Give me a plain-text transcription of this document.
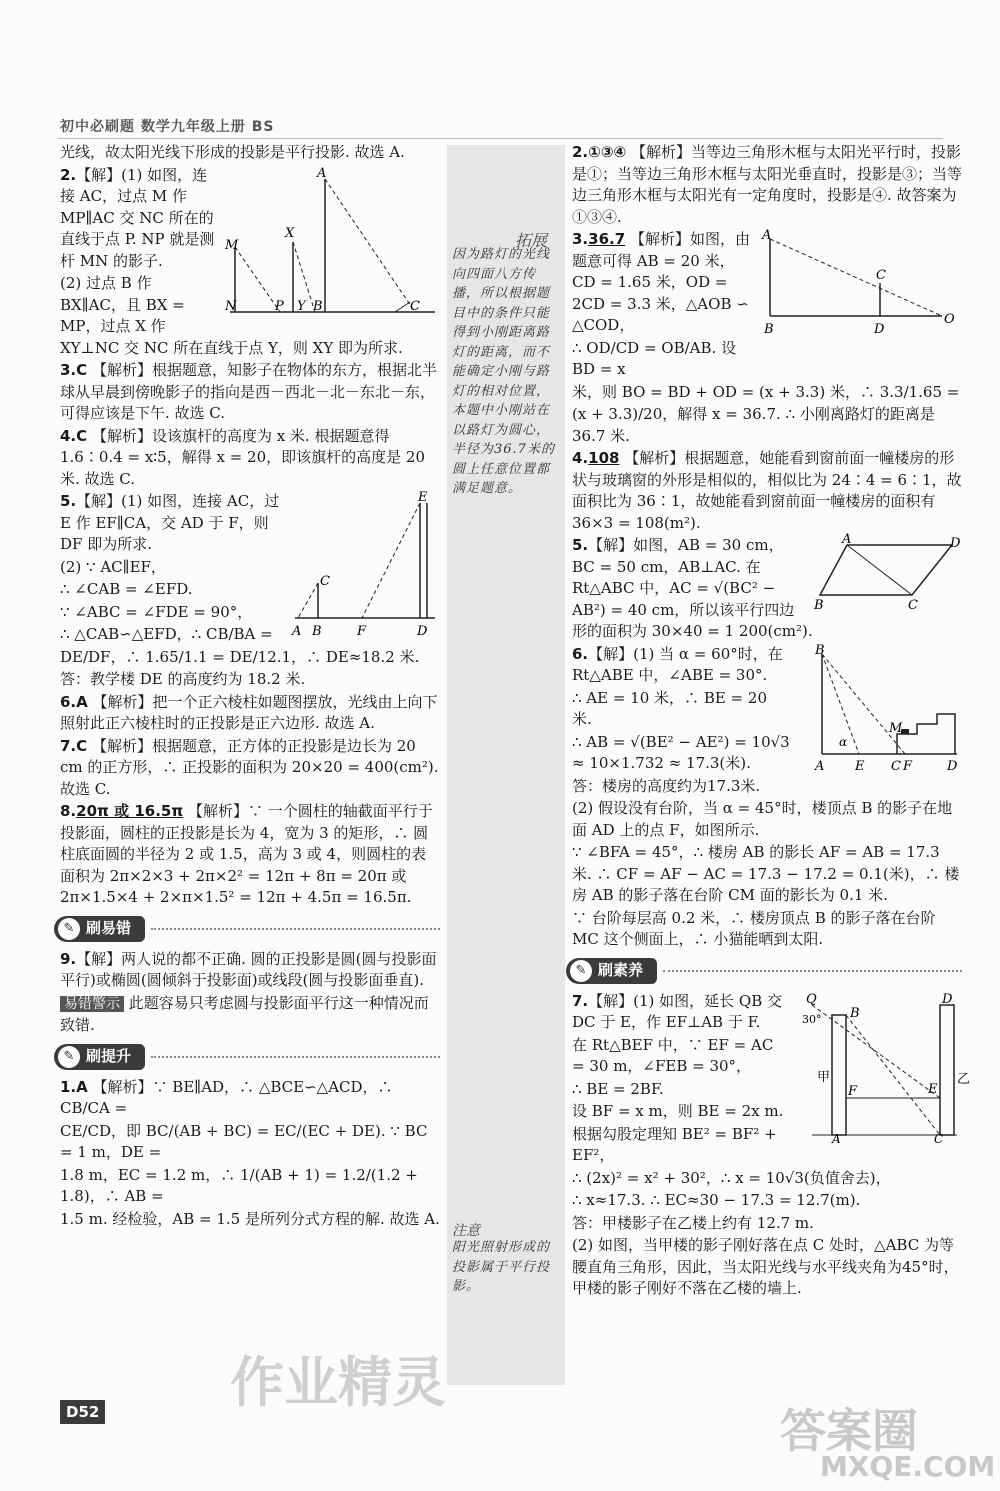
初中必刷题 数学九年级上册 BS
拓展
因为路灯的光线向四面八方传播，所以根据题目中的条件只能得到小刚距离路灯的距离，而不能确定小刚与路灯的相对位置，本题中小刚站在以路灯为圆心，半径为36.7米的圆上任意位置都满足题意。
注意
阳光照射形成的投影属于平行投影。

光线，故太阳光线下形成的投影是平行投影. 故选 A.

A
M
X
N	P Y B	C

2.【解】(1) 如图，连接 AC，过点 M 作 MP∥AC 交 NC 所在的直线于点 P. NP 就是测杆 MN 的影子.

(2) 过点 B 作 BX∥AC，且 BX = MP，过点 X 作 XY⊥NC 交 NC 所在直线于点 Y，则 XY 即为所求.

3.C 【解析】根据题意，知影子在物体的东方，根据北半球从早晨到傍晚影子的指向是西－西北－北－东北－东，可得应该是下午. 故选 C.

4.C 【解析】设该旗杆的高度为 x 米. 根据题意得 1.6∶0.4 = x∶5，解得 x = 20，即该旗杆的高度是 20 米. 故选 C.

E
C
A B	F	D

5.【解】(1) 如图，连接 AC，过 E 作 EF∥CA，交 AD 于 F，则 DF 即为所求.

(2) ∵ AC∥EF，

∴ ∠CAB = ∠EFD.

∵ ∠ABC = ∠FDE = 90°，

∴ △CAB∽△EFD，∴ CB/BA =

DE/DF，∴ 1.65/1.1 = DE/12.1，∴ DE≈18.2 米.

答：教学楼 DE 的高度约为 18.2 米.

6.A 【解析】把一个正六棱柱如题图摆放，光线由上向下照射此正六棱柱时的正投影是正六边形. 故选 A.

7.C 【解析】根据题意，正方体的正投影是边长为 20 cm 的正方形，∴ 正投影的面积为 20×20 = 400(cm²). 故选 C.

8.20π 或 16.5π 【解析】∵ 一个圆柱的轴截面平行于投影面，圆柱的正投影是长为 4，宽为 3 的矩形，∴ 圆柱底面圆的半径为 2 或 1.5，高为 3 或 4，则圆柱的表面积为 2π×2×3 + 2π×2² = 12π + 8π = 20π 或 2π×1.5×4 + 2×π×1.5² = 12π + 4.5π = 16.5π.

✎ 刷易错

9.【解】两人说的都不正确. 圆的正投影是圆(圆与投影面平行)或椭圆(圆倾斜于投影面)或线段(圆与投影面垂直).

易错警示 此题容易只考虑圆与投影面平行这一种情况而致错.

✎ 刷提升

1.A 【解析】∵ BE∥AD，∴ △BCE∽△ACD，∴ CB/CA =

CE/CD，即 BC/(AB + BC) = EC/(EC + DE). ∵ BC = 1 m，DE =

1.8 m，EC = 1.2 m，∴ 1/(AB + 1) = 1.2/(1.2 + 1.8)，∴ AB =

1.5 m. 经检验，AB = 1.5 是所列分式方程的解. 故选 A.

2.①③④ 【解析】当等边三角形木框与太阳光平行时，投影是①；当等边三角形木框与太阳光垂直时，投影是③；当等边三角形木框与太阳光有一定角度时，投影是④. 故答案为①③④.

A
C
B	D
O

3.36.7 【解析】如图，由题意可得 AB = 20 米，CD = 1.65 米，OD = 2CD = 3.3 米，△AOB ∽ △COD，

∴ OD/CD = OB/AB. 设 BD = x

米，则 BO = BD + OD = (x + 3.3) 米，∴ 3.3/1.65 =

(x + 3.3)/20，解得 x = 36.7. ∴ 小刚离路灯的距离是 36.7 米.

4.108 【解析】根据题意，她能看到窗前面一幢楼房的形状与玻璃窗的外形是相似的，相似比为 24∶4 = 6∶1，故面积比为 36∶1，故她能看到窗前面一幢楼房的面积有 36×3 = 108(m²).

A	D
B	C

5.【解】如图，AB = 30 cm，BC = 50 cm，AB⊥AC. 在 Rt△ABC 中，AC = √(BC² − AB²) = 40 cm，所以该平行四边形的面积为 30×40 = 1 200(cm²).

B
α
M
A E C F	D

6.【解】(1) 当 α = 60°时，在 Rt△ABE 中，∠ABE = 30°.

∴ AE = 10 米，∴ BE = 20 米.

∴ AB = √(BE² − AE²) = 10√3 ≈ 10×1.732 ≈ 17.3(米).

答：楼房的高度约为17.3米.

(2) 假设没有台阶，当 α = 45°时，楼顶点 B 的影子在地面 AD 上的点 F，如图所示.

∵ ∠BFA = 45°，∴ 楼房 AB 的影长 AF = AB = 17.3 米. ∴ CF = AF − AC = 17.3 − 17.2 = 0.1(米)，∴ 楼房 AB 的影子落在台阶 CM 面的影长为 0.1 米.

∵ 台阶每层高 0.2 米，∴ 楼房顶点 B 的影子落在台阶 MC 这个侧面上，∴ 小猫能晒到太阳.

✎ 刷素养
Q
30° B
D
甲	乙
F	E
A	C

7.【解】(1) 如图，延长 QB 交 DC 于 E，作 EF⊥AB 于 F.

在 Rt△BEF 中，∵ EF = AC = 30 m，∠FEB = 30°，

∴ BE = 2BF.

设 BF = x m，则 BE = 2x m.

根据勾股定理知 BE² = BF² + EF²，

∴ (2x)² = x² + 30²，∴ x = 10√3(负值舍去)，

∴ x≈17.3. ∴ EC≈30 − 17.3 = 12.7(m).

答：甲楼影子在乙楼上约有 12.7 m.

(2) 如图，当甲楼的影子刚好落在点 C 处时，△ABC 为等腰直角三角形，因此，当太阳光线与水平线夹角为45°时，甲楼的影子刚好不落在乙楼的墙上.

D52 作业精灵
答案圈
MXQE.COM
